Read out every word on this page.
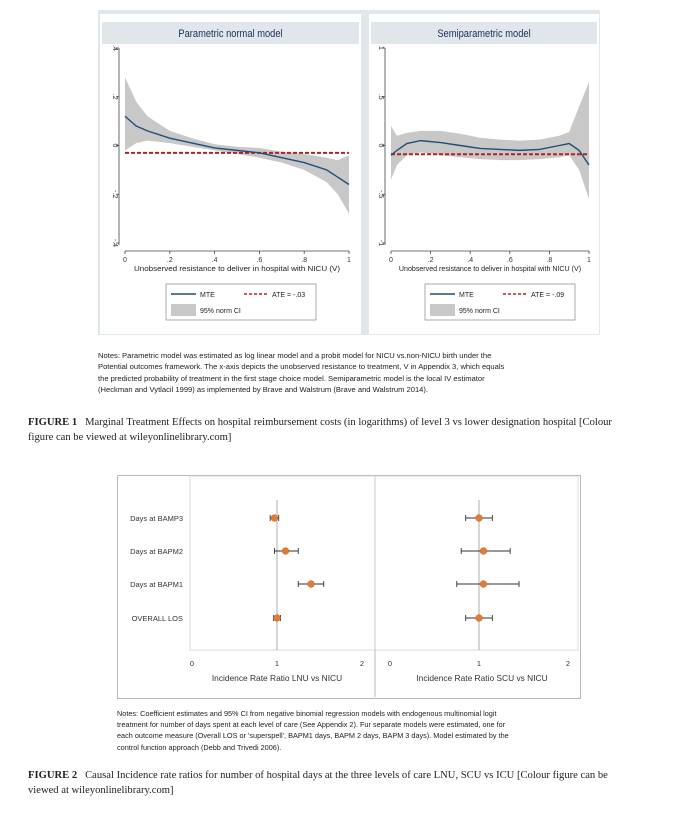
Parametric normal model
-.4
-.2
0
.2
.4
0	.2	.4	.6	.8	1
Unobserved resistance to deliver in hospital with NICU (V)
MTE	ATE = -.03
95% norm CI
Semiparametric model
-1
-.5
0
.5
1
0	.2	.4	.6	.8	1
Unobserved resistance to deliver in hospital with NICU (V)
MTE	ATE = -.09
95% norm CI
Notes: Parametric model was estimated as log linear model and a probit model for NICU vs.non-NICU birth under the
Potential outcomes framework. The x-axis depicts the unobserved resistance to treatment, V in Appendix 3, which equals
the predicted probability of treatment in the first stage choice model. Semiparametric model is the local IV estimator
(Heckman and Vytlacil 1999) as implemented by Brave and Walstrum (Brave and Walstrum 2014).
FIGURE 1 Marginal Treatment Effects on hospital reimbursement costs (in logarithms) of level 3 vs lower designation hospital [Colour
figure can be viewed at wileyonlinelibrary.com]
Days at BAMP3
Days at BAPM2
Days at BAPM1
OVERALL LOS
0	1	2
Incidence Rate Ratio LNU vs NICU
0	1	2
Incidence Rate Ratio SCU vs NICU
Notes: Coefficient estimates and 95% CI from negative binomial regression models with endogenous multinomial logit
treatment for number of days spent at each level of care (See Appendix 2). Fur separate models were estimated, one for
each outcome measure (Overall LOS or 'superspell', BAPM1 days, BAPM 2 days, BAPM 3 days). Model estimated by the
control function approach (Debb and Trivedi 2006).
FIGURE 2 Causal Incidence rate ratios for number of hospital days at the three levels of care LNU, SCU vs ICU [Colour figure can be
viewed at wileyonlinelibrary.com]
